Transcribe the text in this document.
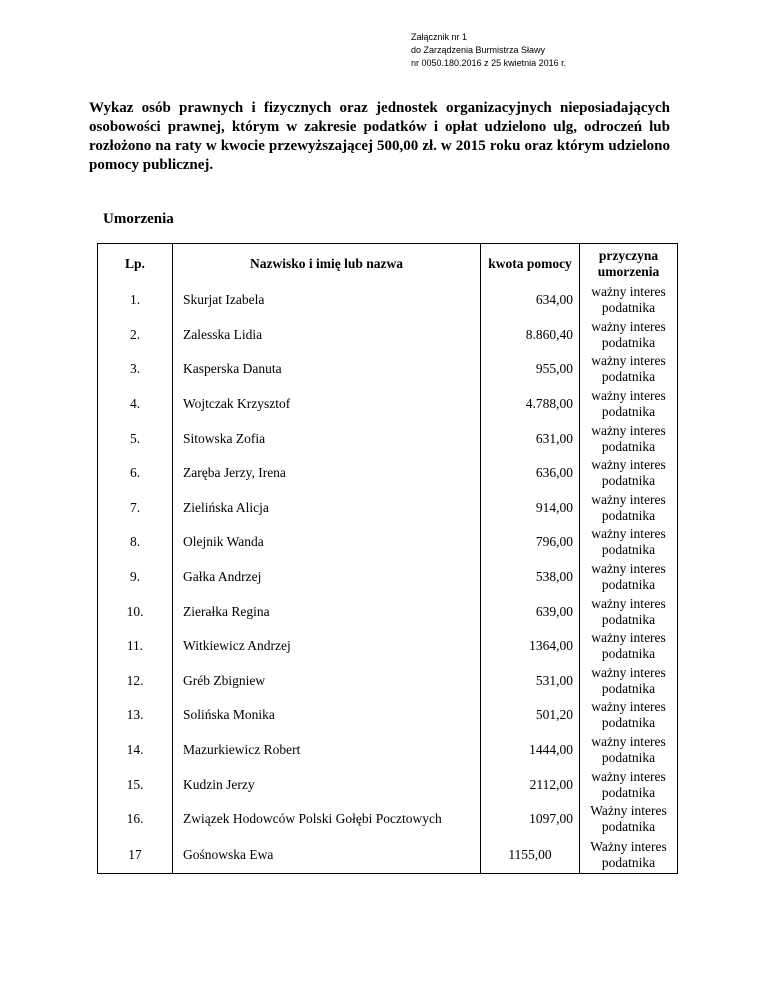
Załącznik nr 1
do Zarządzenia Burmistrza Sławy
nr 0050.180.2016 z 25 kwietnia 2016 r.
Wykaz osób prawnych i fizycznych oraz jednostek organizacyjnych nieposiadających osobowości prawnej, którym w zakresie podatków i opłat udzielono ulg, odroczeń lub rozłożono na raty w kwocie przewyższającej 500,00 zł. w 2015 roku oraz którym udzielono pomocy publicznej.
Umorzenia
Lp.	Nazwisko i imię lub nazwa	kwota pomocy	przyczyna umorzenia
1.	Skurjat Izabela	634,00	ważny interes
podatnika

2.	Zalesska Lidia	8.860,40	ważny interes
podatnika

3.	Kasperska Danuta	955,00	ważny interes
podatnika

4.	Wojtczak Krzysztof	4.788,00	ważny interes
podatnika

5.	Sitowska Zofia	631,00	ważny interes
podatnika

6.	Zaręba Jerzy, Irena	636,00	ważny interes
podatnika

7.	Zielińska Alicja	914,00	ważny interes
podatnika

8.	Olejnik Wanda	796,00	ważny interes
podatnika

9.	Gałka Andrzej	538,00	ważny interes
podatnika

10.	Zierałka Regina	639,00	ważny interes
podatnika

11.	Witkiewicz Andrzej	1364,00	ważny interes
podatnika

12.	Gréb Zbigniew	531,00	ważny interes
podatnika

13.	Solińska Monika	501,20	ważny interes
podatnika

14.	Mazurkiewicz Robert	1444,00	ważny interes
podatnika

15.	Kudzin Jerzy	2112,00	ważny interes
podatnika

16.	Związek Hodowców Polski Gołębi Pocztowych	1097,00	Ważny interes
podatnika

17	Gośnowska Ewa	1155,00	Ważny interes
podatnika
